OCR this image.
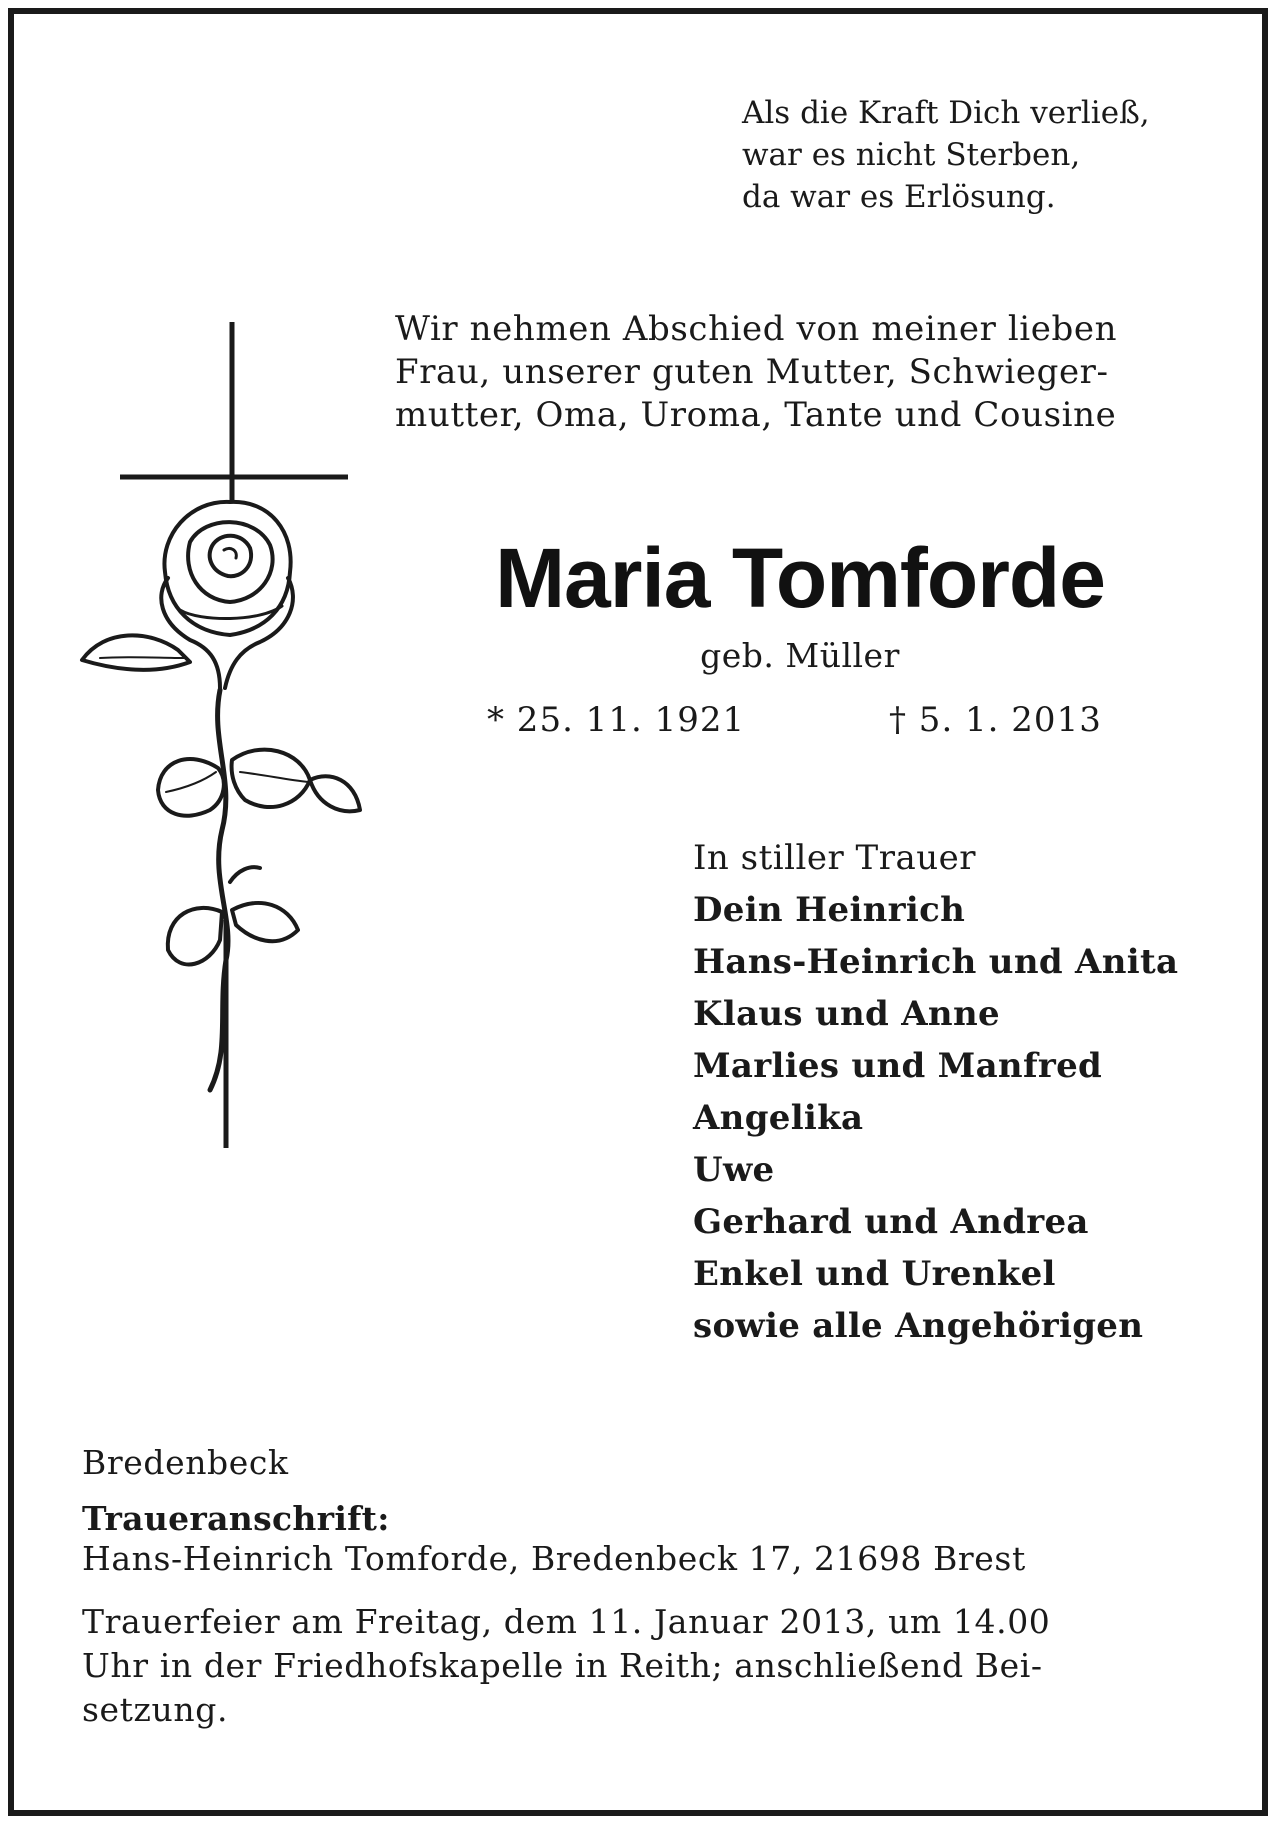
Als die Kraft Dich verließ,
war es nicht Sterben,
da war es Erlösung.
Wir nehmen Abschied von meiner lieben
Frau, unserer guten Mutter, Schwieger-
mutter, Oma, Uroma, Tante und Cousine
Maria Tomforde
geb. Müller
* 25. 11. 1921	† 5. 1. 2013
In stiller Trauer
Dein Heinrich
Hans-Heinrich und Anita
Klaus und Anne
Marlies und Manfred
Angelika
Uwe
Gerhard und Andrea
Enkel und Urenkel
sowie alle Angehörigen
Bredenbeck
Traueranschrift:
Hans-Heinrich Tomforde, Bredenbeck 17, 21698 Brest
Trauerfeier am Freitag, dem 11. Januar 2013, um 14.00
Uhr in der Friedhofskapelle in Reith; anschließend Bei-
setzung.
